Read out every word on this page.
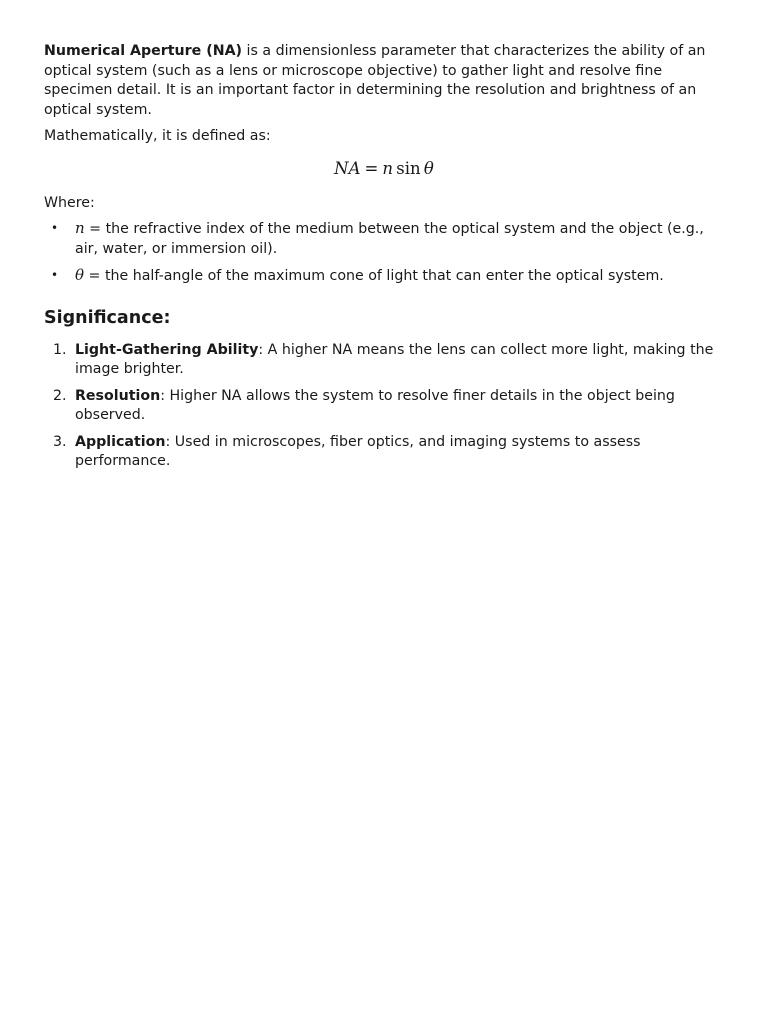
Numerical Aperture (NA) is a dimensionless parameter that characterizes the ability of an optical system (such as a lens or microscope objective) to gather light and resolve fine specimen detail. It is an important factor in determining the resolution and brightness of an optical system.

Mathematically, it is defined as:

NA = n  sin  θ

Where:

• n = the refractive index of the medium between the optical system and the object (e.g., air, water, or immersion oil).
• θ = the half-angle of the maximum cone of light that can enter the optical system.
Significance:
1. Light-Gathering Ability: A higher NA means the lens can collect more light, making the image brighter.
2. Resolution: Higher NA allows the system to resolve finer details in the object being observed.
3. Application: Used in microscopes, fiber optics, and imaging systems to assess performance.
